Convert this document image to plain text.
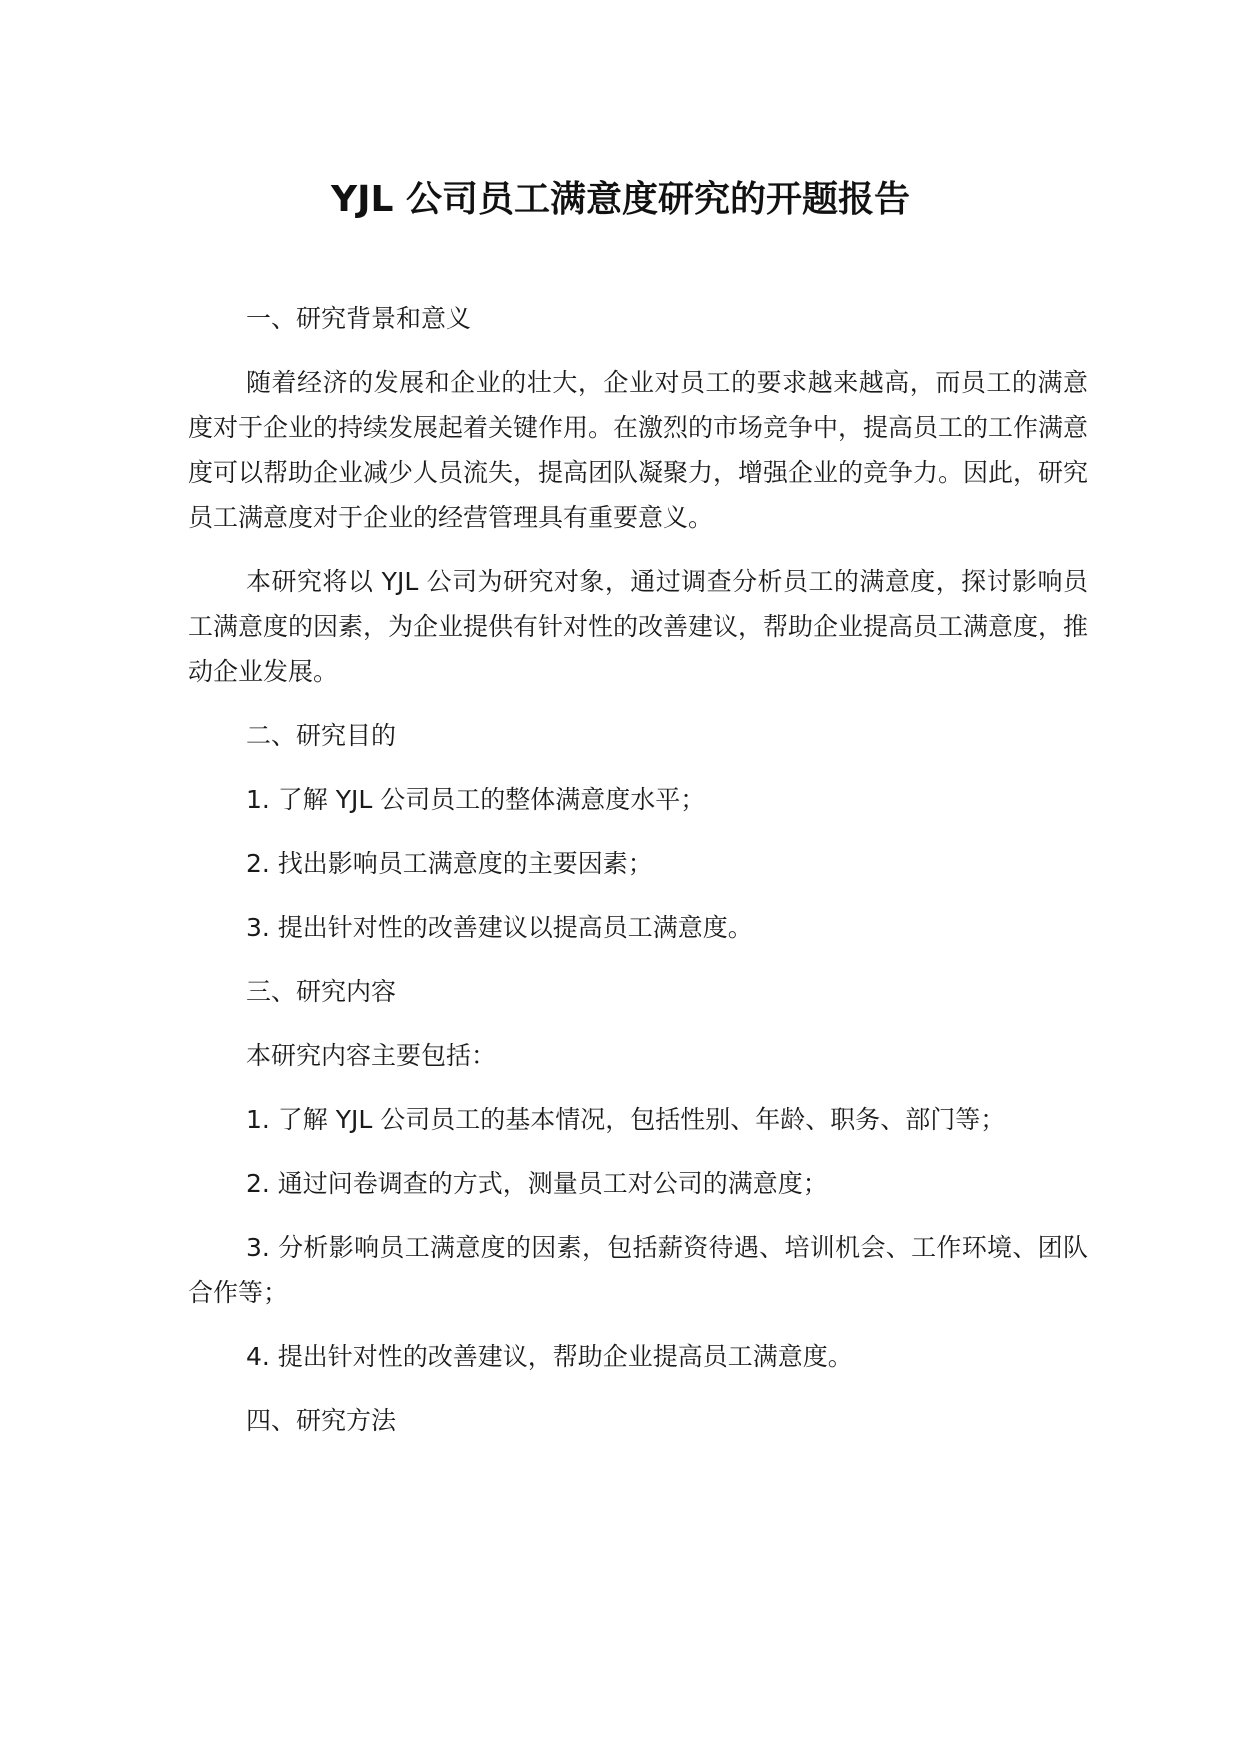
YJL 公司员工满意度研究的开题报告

一、研究背景和意义

随着经济的发展和企业的壮大，企业对员工的要求越来越高，而员工的满意度对于企业的持续发展起着关键作用。在激烈的市场竞争中，提高员工的工作满意度可以帮助企业减少人员流失，提高团队凝聚力，增强企业的竞争力。因此，研究员工满意度对于企业的经营管理具有重要意义。

本研究将以 YJL 公司为研究对象，通过调查分析员工的满意度，探讨影响员工满意度的因素，为企业提供有针对性的改善建议，帮助企业提高员工满意度，推动企业发展。

二、研究目的

1. 了解 YJL 公司员工的整体满意度水平；

2. 找出影响员工满意度的主要因素；

3. 提出针对性的改善建议以提高员工满意度。

三、研究内容

本研究内容主要包括：

1. 了解 YJL 公司员工的基本情况，包括性别、年龄、职务、部门等；

2. 通过问卷调查的方式，测量员工对公司的满意度；

3. 分析影响员工满意度的因素，包括薪资待遇、培训机会、工作环境、团队合作等；

4. 提出针对性的改善建议，帮助企业提高员工满意度。

四、研究方法
